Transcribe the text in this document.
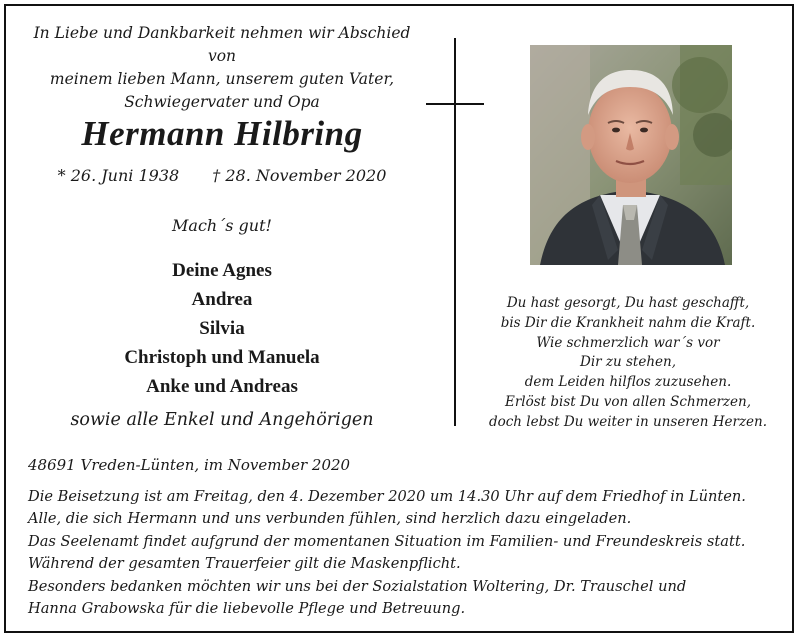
In Liebe und Dankbarkeit nehmen wir Abschied von
meinem lieben Mann, unserem guten Vater,
Schwiegervater und Opa
Hermann Hilbring
* 26. Juni 1938 † 28. November 2020
Mach´s gut!
Deine Agnes
Andrea
Silvia
Christoph und Manuela
Anke und Andreas
sowie alle Enkel und Angehörigen
Du hast gesorgt, Du hast geschafft,
bis Dir die Krankheit nahm die Kraft.
Wie schmerzlich war´s vor
Dir zu stehen,
dem Leiden hilflos zuzusehen.
Erlöst bist Du von allen Schmerzen,
doch lebst Du weiter in unseren Herzen.
48691 Vreden-Lünten, im November 2020
Die Beisetzung ist am Freitag, den 4. Dezember 2020 um 14.30 Uhr auf dem Friedhof in Lünten.
Alle, die sich Hermann und uns verbunden fühlen, sind herzlich dazu eingeladen.
Das Seelenamt findet aufgrund der momentanen Situation im Familien- und Freundeskreis statt.
Während der gesamten Trauerfeier gilt die Maskenpflicht.
Besonders bedanken möchten wir uns bei der Sozialstation Woltering, Dr. Trauschel und
Hanna Grabowska für die liebevolle Pflege und Betreuung.
